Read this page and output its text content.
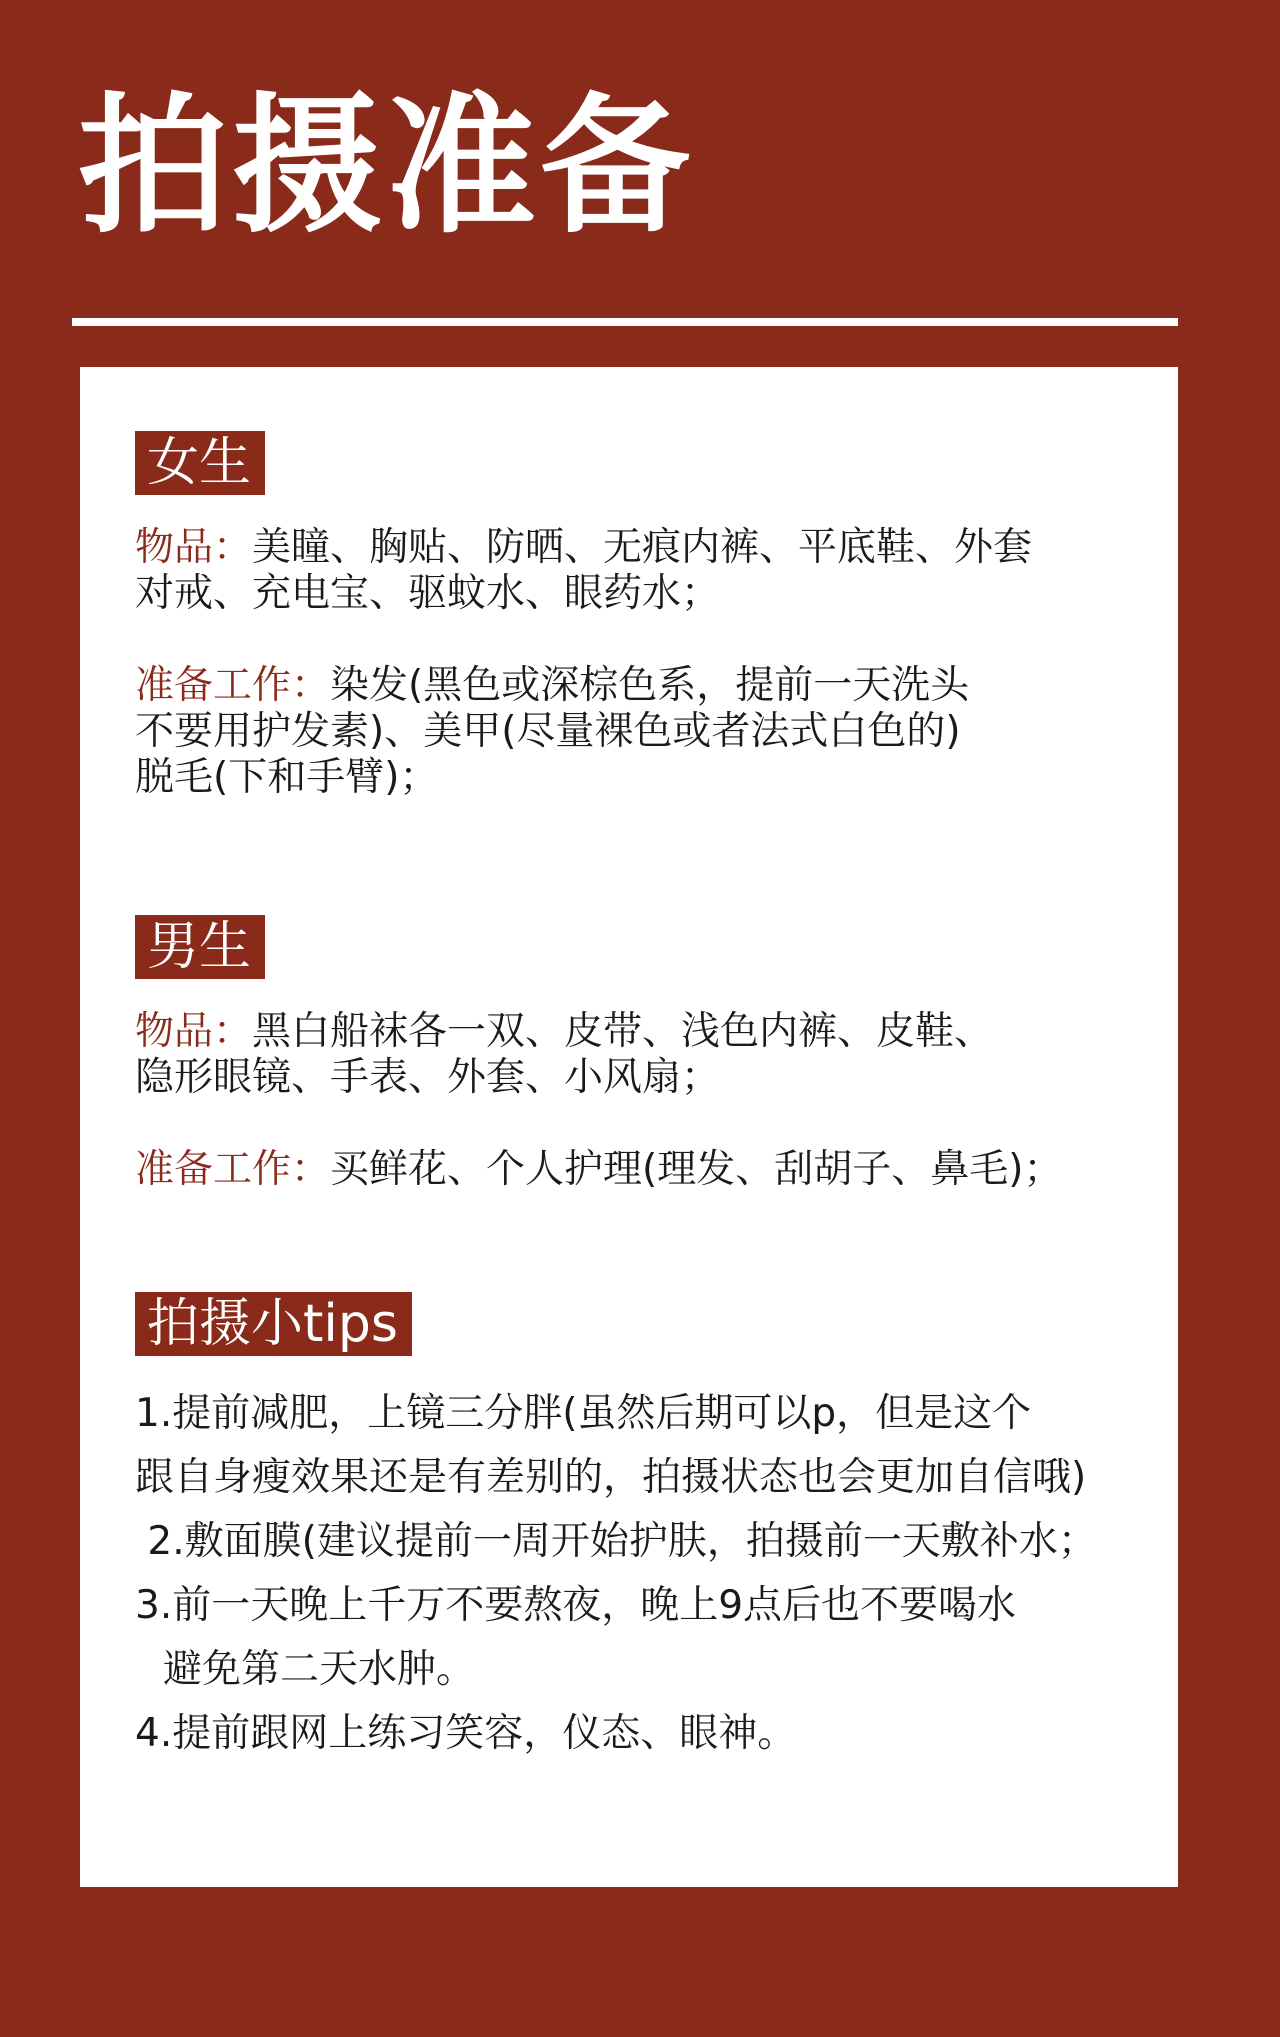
拍摄准备
女生

物品：美瞳、胸贴、防晒、无痕内裤、平底鞋、外套
对戒、充电宝、驱蚊水、眼药水；

准备工作：染发(黑色或深棕色系，提前一天洗头
不要用护发素)、美甲(尽量裸色或者法式白色的)
脱毛(下和手臂)；

男生

物品：黑白船袜各一双、皮带、浅色内裤、皮鞋、
隐形眼镜、手表、外套、小风扇；

准备工作：买鲜花、个人护理(理发、刮胡子、鼻毛)；

拍摄小tips
1.提前减肥，上镜三分胖(虽然后期可以p，但是这个
跟自身瘦效果还是有差别的，拍摄状态也会更加自信哦)
2.敷面膜(建议提前一周开始护肤，拍摄前一天敷补水；
3.前一天晚上千万不要熬夜，晚上9点后也不要喝水
避免第二天水肿。
4.提前跟网上练习笑容，仪态、眼神。
